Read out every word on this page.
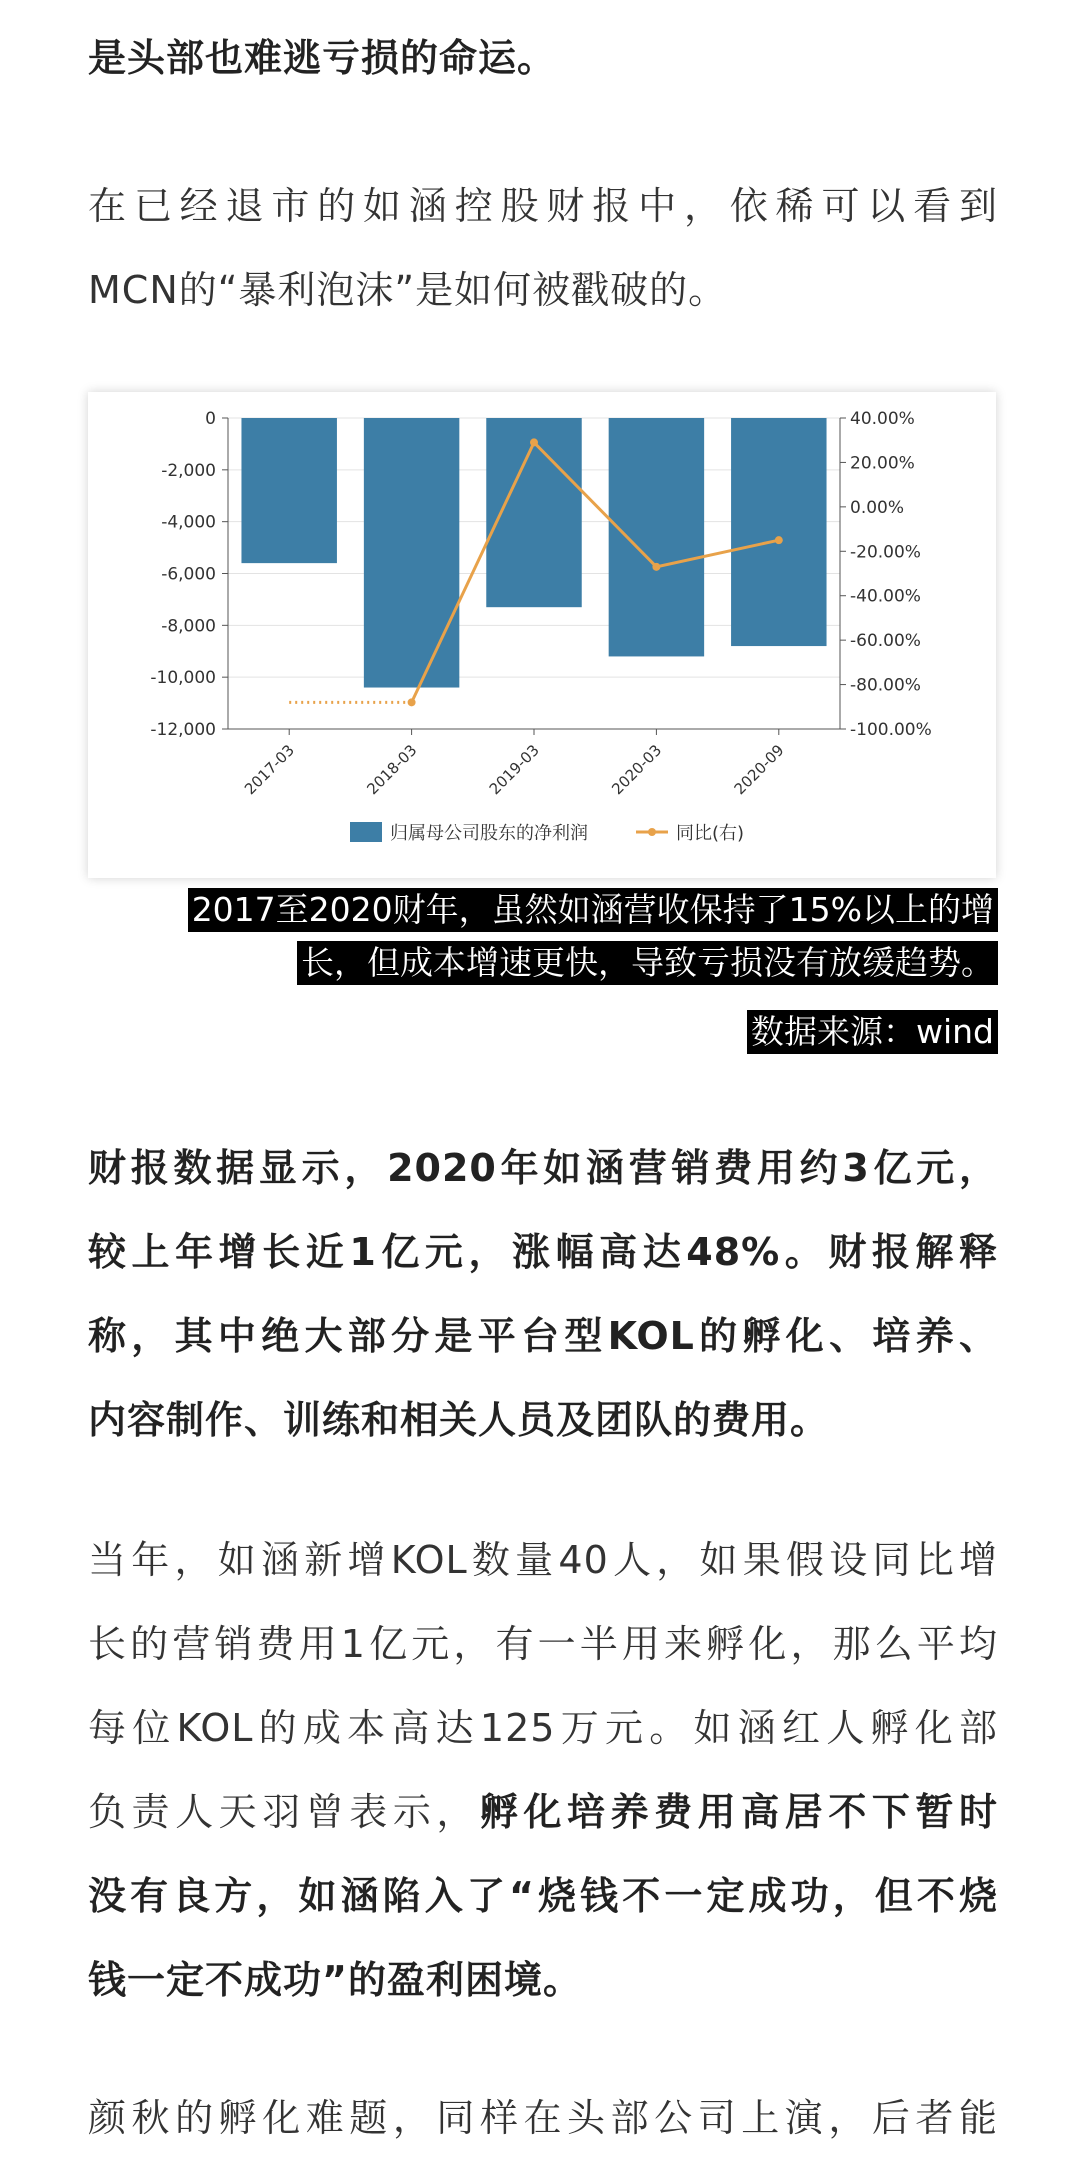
是头部也难逃亏损的命运。
在已经退市的如涵控股财报中，依稀可以看到
MCN的“暴利泡沫”是如何被戳破的。
0
-2,000
-4,000
-6,000
-8,000
-10,000
-12,000
40.00%
20.00%
0.00%
-20.00%
-40.00%
-60.00%
-80.00%
-100.00%
2017-03	2018-03	2019-03	2020-03	2020-09
归属母公司股东的净利润	同比(右)
2017至2020财年，虽然如涵营收保持了15%以上的增
长，但成本增速更快，导致亏损没有放缓趋势。
数据来源：wind
财报数据显示，2020年如涵营销费用约3亿元，
较上年增长近1亿元，涨幅高达48%。财报解释
称，其中绝大部分是平台型KOL的孵化、培养、
内容制作、训练和相关人员及团队的费用。
当年，如涵新增KOL数量40人，如果假设同比增
长的营销费用1亿元，有一半用来孵化，那么平均
每位KOL的成本高达125万元。如涵红人孵化部
负责人天羽曾表示，孵化培养费用高居不下暂时
没有良方，如涵陷入了“烧钱不一定成功，但不烧
钱一定不成功”的盈利困境。
颜秋的孵化难题，同样在头部公司上演，后者能
